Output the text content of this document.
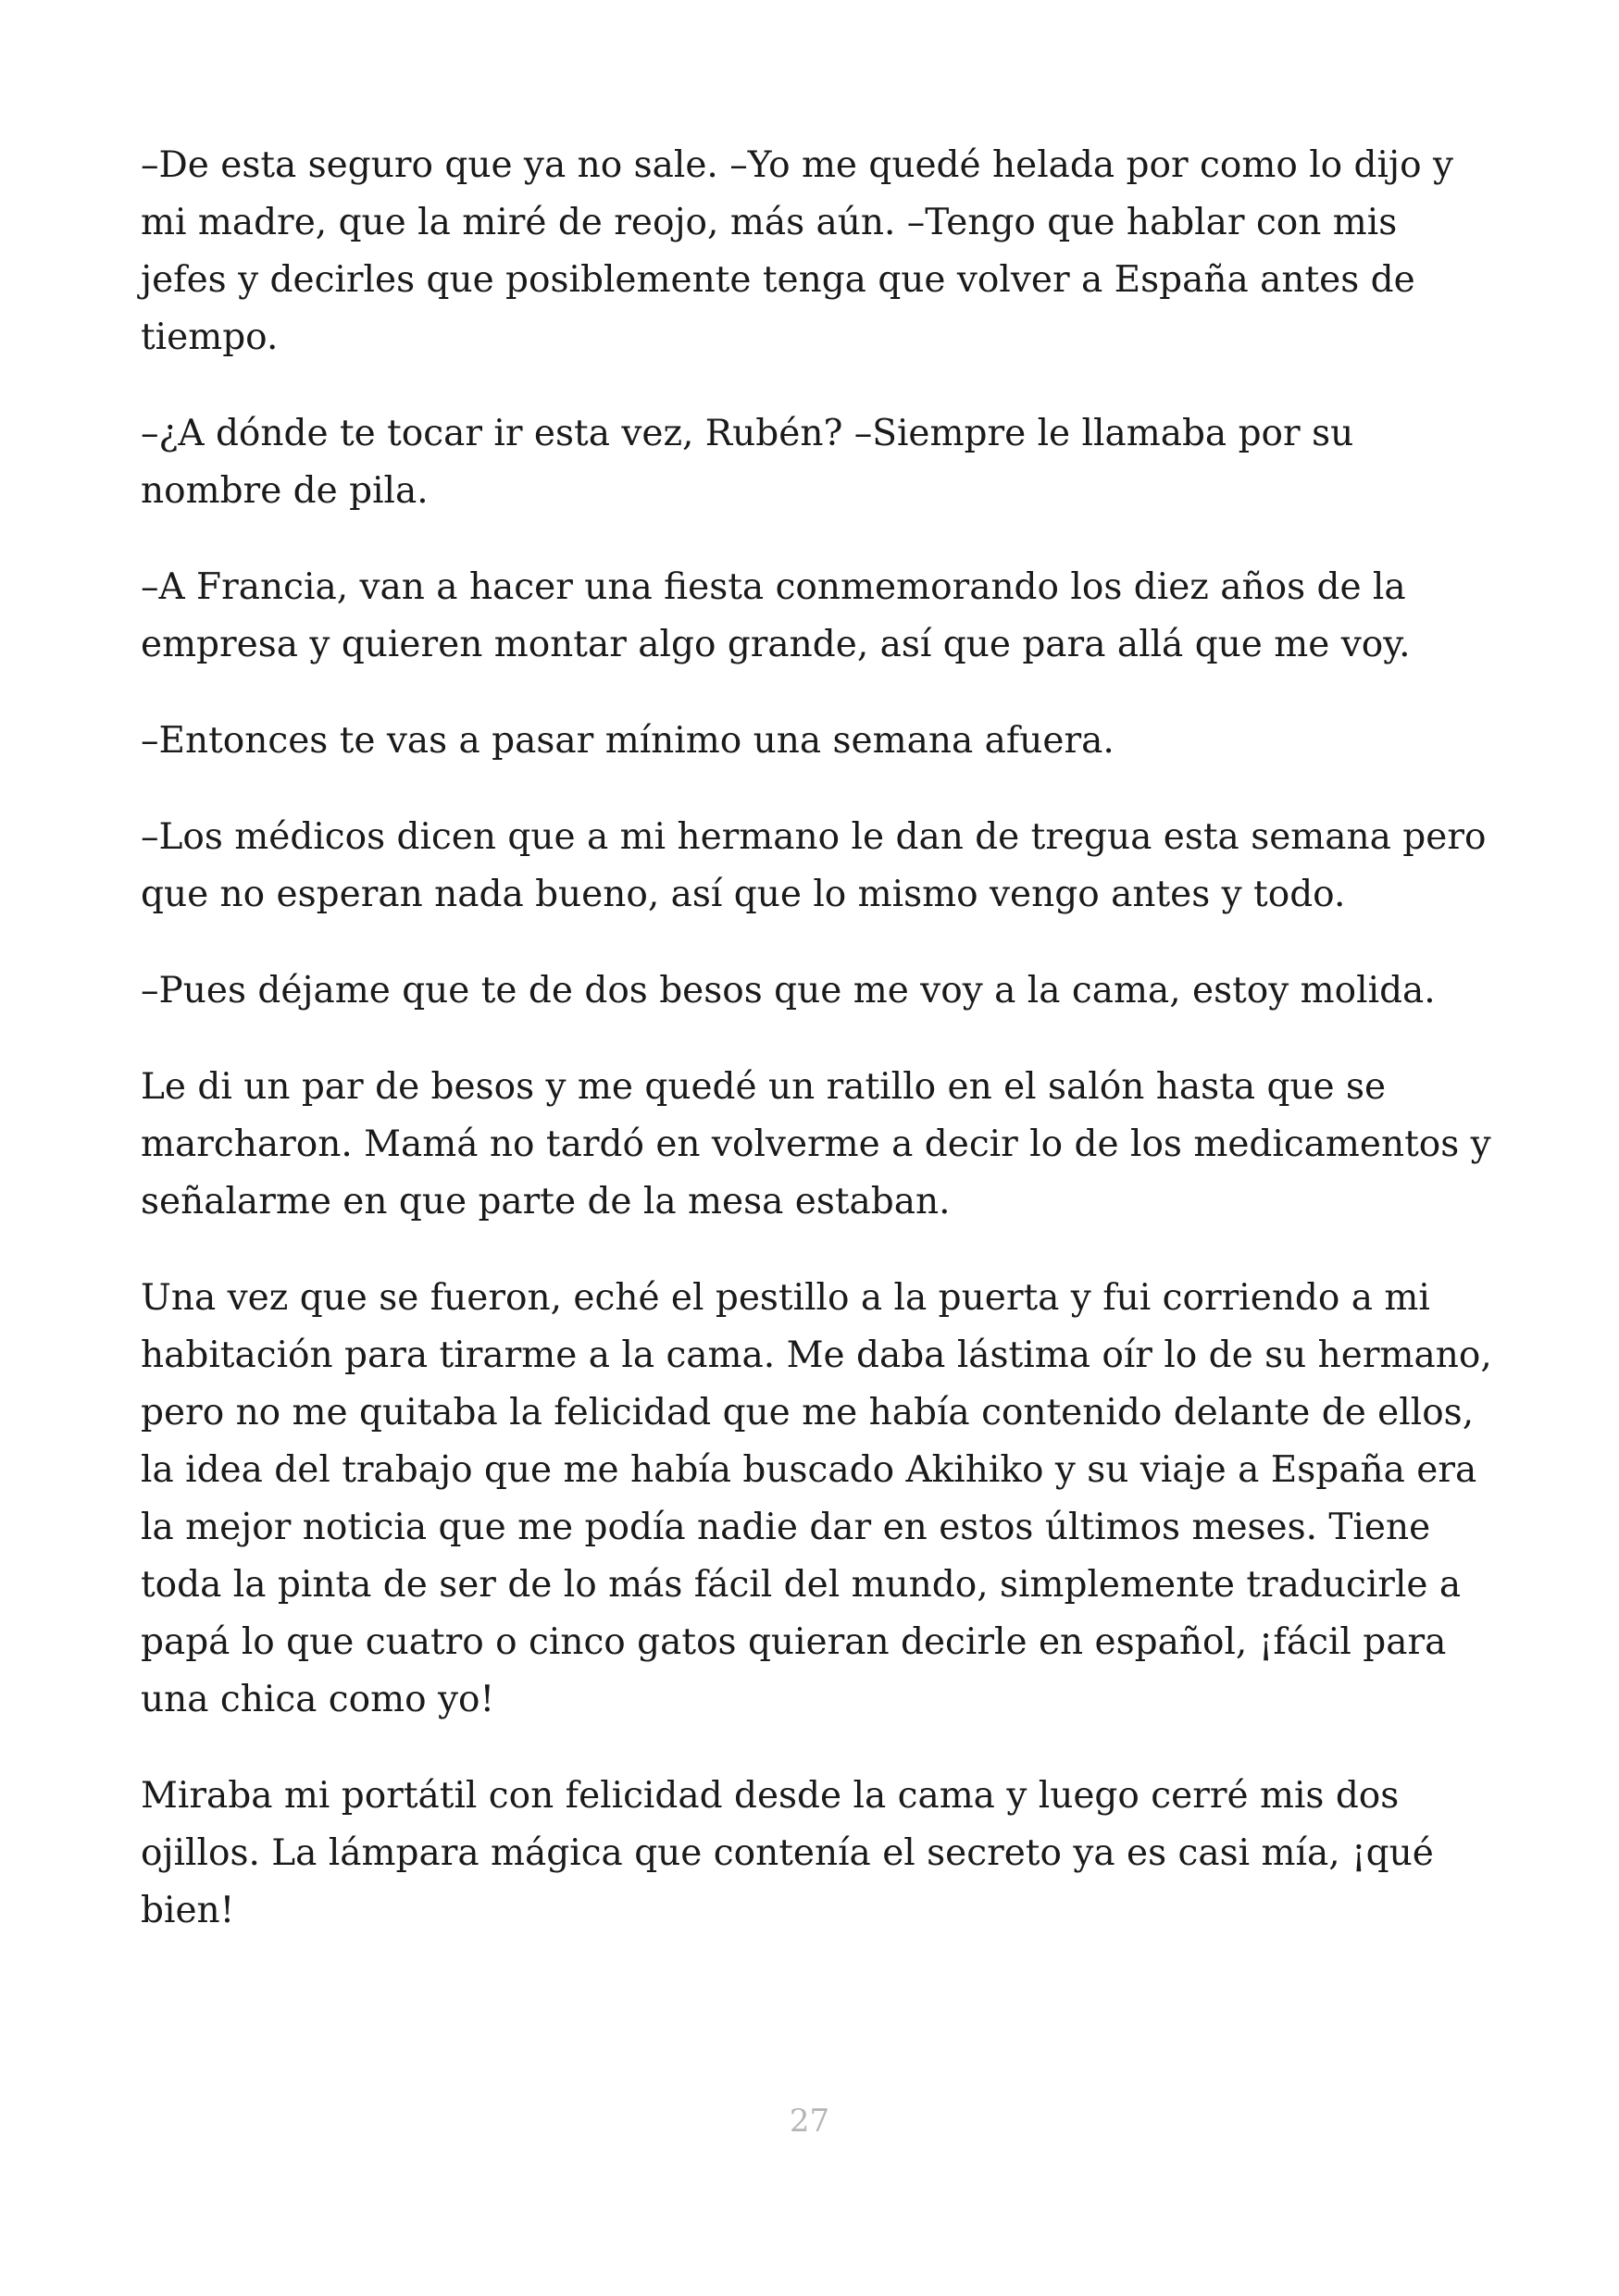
–De esta seguro que ya no sale. –Yo me quedé helada por como lo dijo y mi madre, que la miré de reojo, más aún. –Tengo que hablar con mis jefes y decirles que posiblemente tenga que volver a España antes de tiempo.

–¿A dónde te tocar ir esta vez, Rubén? –Siempre le llamaba por su nombre de pila.

–A Francia, van a hacer una fiesta conmemorando los diez años de la empresa y quieren montar algo grande, así que para allá que me voy.

–Entonces te vas a pasar mínimo una semana afuera.

–Los médicos dicen que a mi hermano le dan de tregua esta semana pero que no esperan nada bueno, así que lo mismo vengo antes y todo.

–Pues déjame que te de dos besos que me voy a la cama, estoy molida.

Le di un par de besos y me quedé un ratillo en el salón hasta que se marcharon. Mamá no tardó en volverme a decir lo de los medicamentos y señalarme en que parte de la mesa estaban.

Una vez que se fueron, eché el pestillo a la puerta y fui corriendo a mi habitación para tirarme a la cama. Me daba lástima oír lo de su hermano, pero no me quitaba la felicidad que me había contenido delante de ellos, la idea del trabajo que me había buscado Akihiko y su viaje a España era la mejor noticia que me podía nadie dar en estos últimos meses. Tiene toda la pinta de ser de lo más fácil del mundo, simplemente traducirle a papá lo que cuatro o cinco gatos quieran decirle en español, ¡fácil para una chica como yo!

Miraba mi portátil con felicidad desde la cama y luego cerré mis dos ojillos. La lámpara mágica que contenía el secreto ya es casi mía, ¡qué bien!

27
